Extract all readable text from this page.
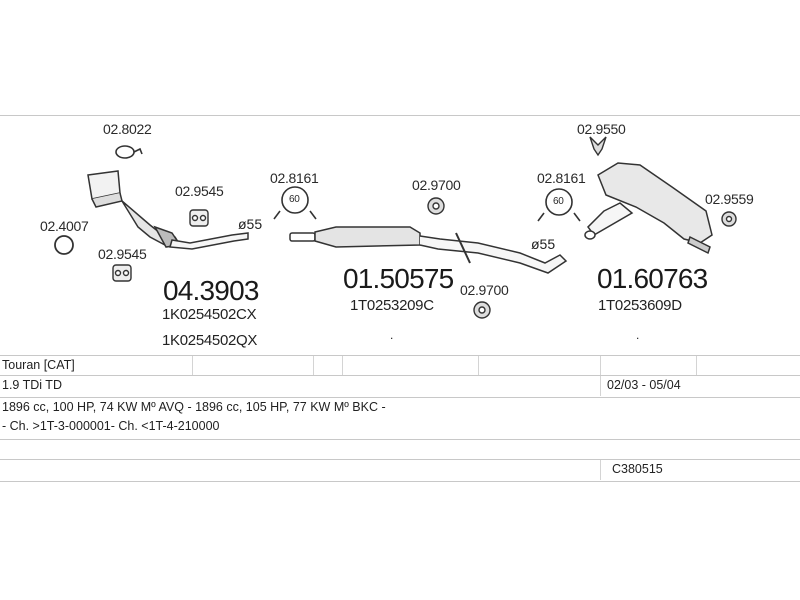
02.8022
02.4007
02.9545
02.9545
02.8161
60
02.9700
02.9700
02.8161
60
02.9550
02.9559
ø55
ø55
04.3903
1K0254502CX
1K0254502QX
01.50575
1T0253209C
.
01.60763
1T0253609D
.
Touran [CAT]
1.9 TDi TD	02/03 - 05/04
1896 cc, 100 HP, 74 KW Mº AVQ - 1896 cc, 105 HP, 77 KW Mº BKC -
- Ch. >1T-3-000001- Ch. <1T-4-210000
C380515
